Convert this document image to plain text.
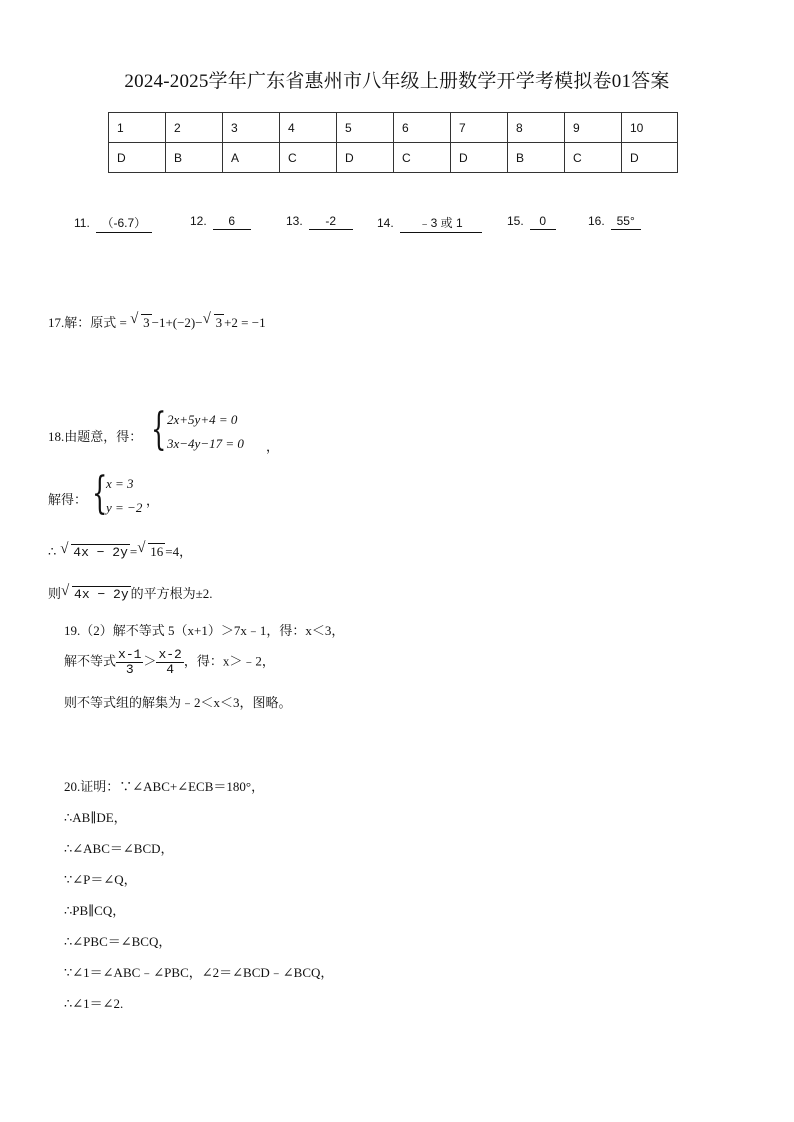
2024-2025学年广东省惠州市八年级上册数学开学考模拟卷01答案
1	2	3	4	5	6	7	8	9	10
D	B	A	C	D	C	D	B	C	D
11. （-6.7）	12. 6	13. -2	14. ﹣3 或 1	15. 0	16. 55°
17.解：原式 = √ 3 −1+(−2)− √ 3 +2 = −1
18.由题意，得： { 2x+5y+4 = 0
3x−4y−17 = 0 ，
解得： {
x = 3
y = −2 ，
∴ √ 4x − 2y = √ 16 =4，
则 √ 4x − 2y 的平方根为±2.
19.（2）解不等式 5（x+1）＞7x﹣1，得：x＜3，
解不等式 $\frac{x-1}{3} > \frac{x-2}{4}$ ，得：x＞﹣2，
则不等式组的解集为﹣2＜x＜3，图略。
20.证明：∵∠ABC+∠ECB＝180°，
∴AB∥DE，
∴∠ABC＝∠BCD，
∵∠P＝∠Q，
∴PB∥CQ，
∴∠PBC＝∠BCQ，
∵∠1＝∠ABC﹣∠PBC，∠2＝∠BCD﹣∠BCQ，
∴∠1＝∠2.
